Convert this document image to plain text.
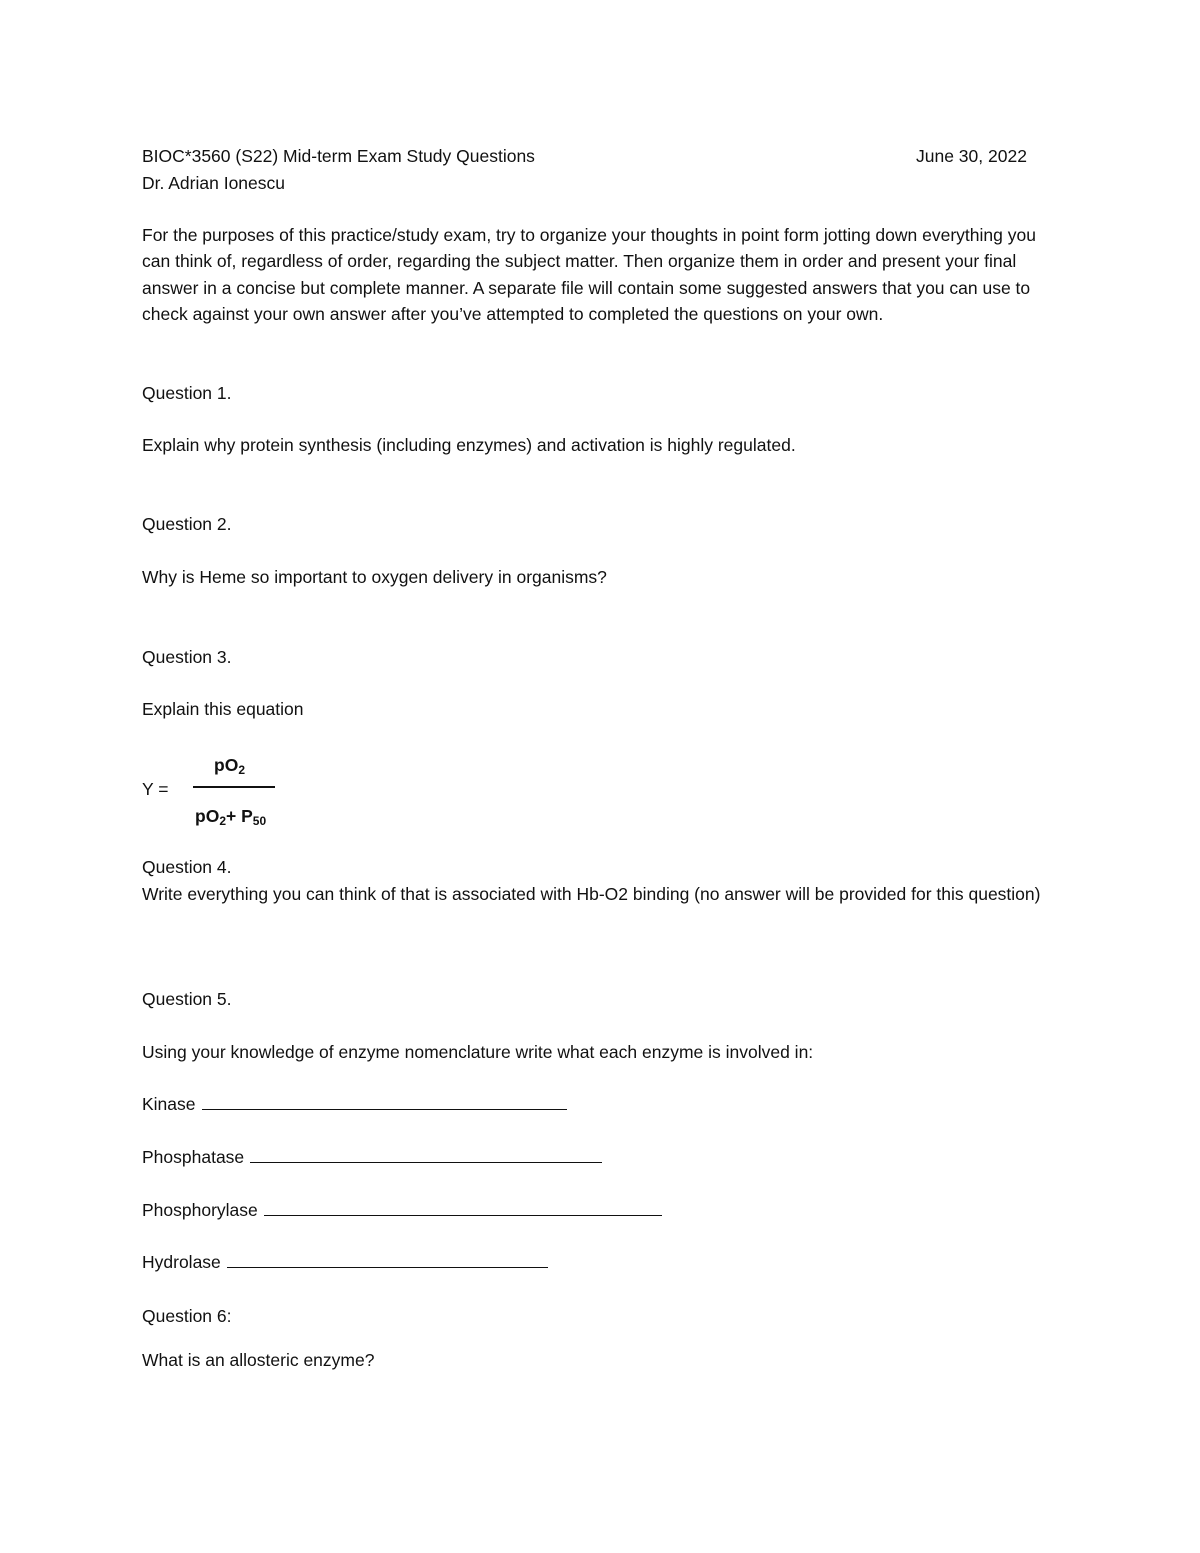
BIOC*3560 (S22) Mid-term Exam Study Questions	June 30, 2022
Dr. Adrian Ionescu
For the purposes of this practice/study exam, try to organize your thoughts in point form jotting down everything you can think of, regardless of order, regarding the subject matter. Then organize them in order and present your final answer in a concise but complete manner. A separate file will contain some suggested answers that you can use to check against your own answer after you’ve attempted to completed the questions on your own.
Question 1.
Explain why protein synthesis (including enzymes) and activation is highly regulated.
Question 2.
Why is Heme so important to oxygen delivery in organisms?
Question 3.
Explain this equation
Y =
pO2
pO2+ P50
Question 4.
Write everything you can think of that is associated with Hb-O2 binding (no answer will be provided for this question)
Question 5.
Using your knowledge of enzyme nomenclature write what each enzyme is involved in:
Kinase
Phosphatase
Phosphorylase
Hydrolase
Question 6:
What is an allosteric enzyme?
